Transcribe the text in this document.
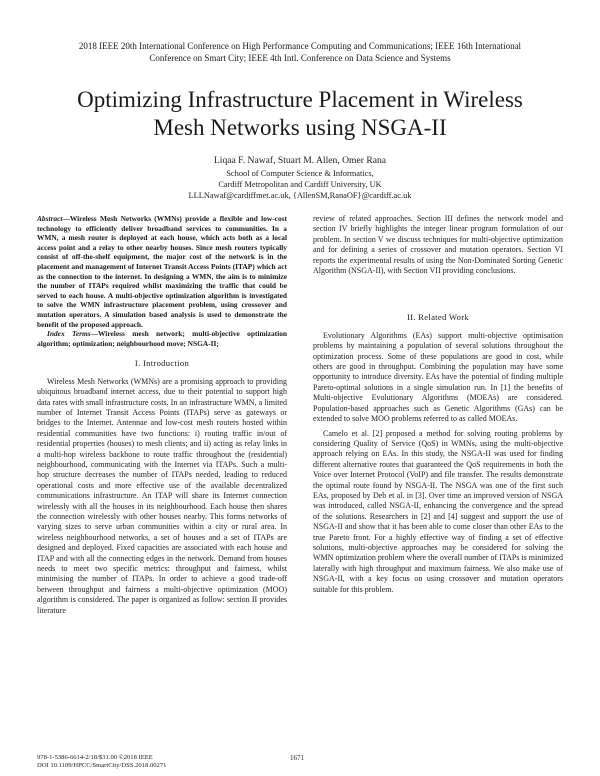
2018 IEEE 20th International Conference on High Performance Computing and Communications; IEEE 16th International
Conference on Smart City; IEEE 4th Intl. Conference on Data Science and Systems
Optimizing Infrastructure Placement in Wireless
Mesh Networks using NSGA-II
Liqaa F. Nawaf, Stuart M. Allen, Omer Rana
School of Computer Science & Informatics,
Cardiff Metropolitan and Cardiff University, UK
LLLNawaf@cardiffmet.ac.uk, {AllenSM,RanaOF}@cardiff.ac.uk

Abstract—Wireless Mesh Networks (WMNs) provide a flexible and low-cost technology to efficiently deliver broadband services to communities. In a WMN, a mesh router is deployed at each house, which acts both as a local access point and a relay to other nearby houses. Since mesh routers typically consist of off-the-shelf equipment, the major cost of the network is in the placement and management of Internet Transit Access Points (ITAP) which act as the connection to the internet. In designing a WMN, the aim is to minimize the number of ITAPs required whilst maximizing the traffic that could be served to each house. A multi-objective optimization algorithm is investigated to solve the WMN infrastructure placement problem, using crossover and mutation operators. A simulation based analysis is used to demonstrate the benefit of the proposed approach.

Index Terms—Wireless mesh network; multi-objective optimization algorithm; optimization; neighbourhood move; NSGA-II;

I. Introduction

Wireless Mesh Networks (WMNs) are a promising approach to providing ubiquitous broadband internet access, due to their potential to support high data rates with small infrastructure costs. In an infrastructure WMN, a limited number of Internet Transit Access Points (ITAPs) serve as gateways or bridges to the Internet. Antennae and low-cost mesh routers hosted within residential communities have two functions: i) routing traffic in/out of residential properties (houses) to mesh clients; and ii) acting as relay links in a multi-hop wireless backbone to route traffic throughout the (residential) neighbourhood, communicating with the Internet via ITAPs. Such a multi-hop structure decreases the number of ITAPs needed, leading to reduced operational costs and more effective use of the available decentralized communications infrastructure. An ITAP will share its Internet connection wirelessly with all the houses in its neighbourhood. Each house then shares the connection wirelessly with other houses nearby. This forms networks of varying sizes to serve urban communities within a city or rural area. In wireless neighbourhood networks, a set of houses and a set of ITAPs are designed and deployed. Fixed capacities are associated with each house and ITAP and with all the connecting edges in the network. Demand from houses needs to meet two specific metrics: throughput and fairness, whilst minimising the number of ITAPs. In order to achieve a good trade-off between throughput and fairness a multi-objective optimization (MOO) algorithm is considered. The paper is organized as follow: section II provides literature

review of related approaches. Section III defines the network model and section IV briefly highlights the integer linear program formulation of our problem. In section V we discuss techniques for multi-objective optimization and for defining a series of crossover and mutation operators. Section VI reports the experimental results of using the Non-Dominated Sorting Genetic Algorithm (NSGA-II), with Section VII providing conclusions.

II. Related Work

Evolutionary Algorithms (EAs) support multi-objective optimisation problems by maintaining a population of several solutions throughout the optimization process. Some of these populations are good in cost, while others are good in throughput. Combining the population may have some opportunity to introduce diversity. EAs have the potential of finding multiple Pareto-optimal solutions in a single simulation run. In [1] the benefits of Multi-objective Evolutionary Algorithms (MOEAs) are considered. Population-based approaches such as Genetic Algorithms (GAs) can be extended to solve MOO problems referred to as called MOEAs.

Camelo et al. [2] proposed a method for solving routing problems by considering Quality of Service (QoS) in WMNs, using the multi-objective approach relying on EAs. In this study, the NSGA-II was used for finding different alternative routes that guaranteed the QoS requirements in both the Voice over Internet Protocol (VoIP) and file transfer. The results demonstrate the optimal route found by NSGA-II. The NSGA was one of the first such EAs, proposed by Deb et al. in [3]. Over time an improved version of NSGA was introduced, called NSGA-II, enhancing the convergence and the spread of the solutions. Researchers in [2] and [4] suggest and support the use of NSGA-II and show that it has been able to come closer than other EAs to the true Pareto front. For a highly effective way of finding a set of effective solutions, multi-objective approaches may be considered for solving the WMN optimization problem where the overall number of ITAPs is minimized laterally with high throughput and maximum fairness. We also make use of NSGA-II, with a key focus on using crossover and mutation operators suitable for this problem.

978-1-5386-6614-2/18/$31.00 ©2018 IEEE
DOI 10.1109/HPCC/SmartCity/DSS.2018.00271
1671
